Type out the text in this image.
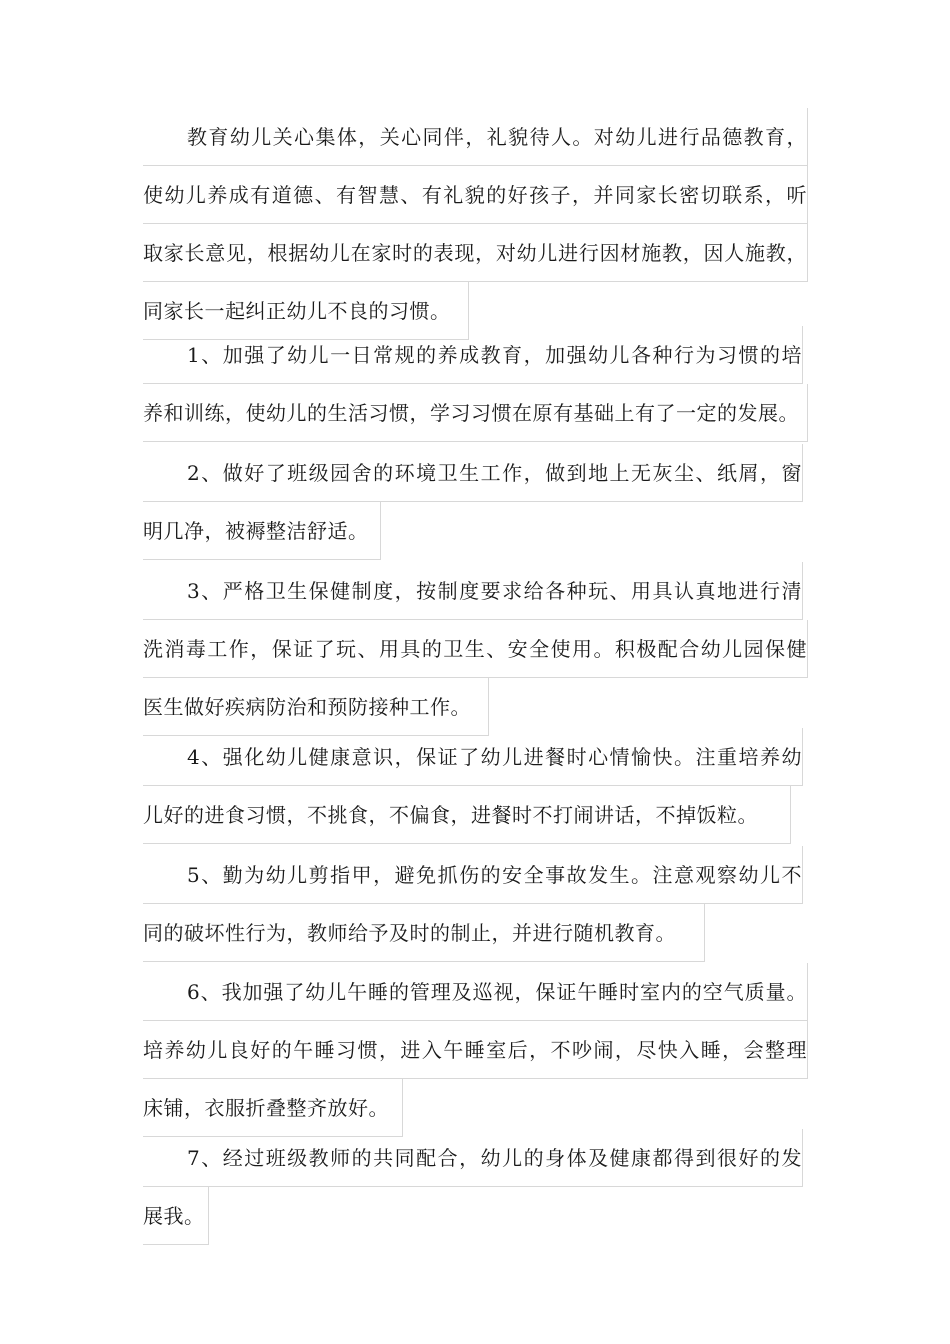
教育幼儿关心集体，关心同伴，礼貌待人。对幼儿进行品德教育，
使幼儿养成有道德、有智慧、有礼貌的好孩子，并同家长密切联系，听
取家长意见，根据幼儿在家时的表现，对幼儿进行因材施教，因人施教，
同家长一起纠正幼儿不良的习惯。
1、加强了幼儿一日常规的养成教育，加强幼儿各种行为习惯的培
养和训练，使幼儿的生活习惯，学习习惯在原有基础上有了一定的发展。
2、做好了班级园舍的环境卫生工作，做到地上无灰尘、纸屑，窗
明几净，被褥整洁舒适。
3、严格卫生保健制度，按制度要求给各种玩、用具认真地进行清
洗消毒工作，保证了玩、用具的卫生、安全使用。积极配合幼儿园保健
医生做好疾病防治和预防接种工作。
4、强化幼儿健康意识，保证了幼儿进餐时心情愉快。注重培养幼
儿好的进食习惯，不挑食，不偏食，进餐时不打闹讲话，不掉饭粒。
5、勤为幼儿剪指甲，避免抓伤的安全事故发生。注意观察幼儿不
同的破坏性行为，教师给予及时的制止，并进行随机教育。
6、我加强了幼儿午睡的管理及巡视，保证午睡时室内的空气质量。
培养幼儿良好的午睡习惯，进入午睡室后，不吵闹，尽快入睡，会整理
床铺，衣服折叠整齐放好。
7、经过班级教师的共同配合，幼儿的身体及健康都得到很好的发
展我。
